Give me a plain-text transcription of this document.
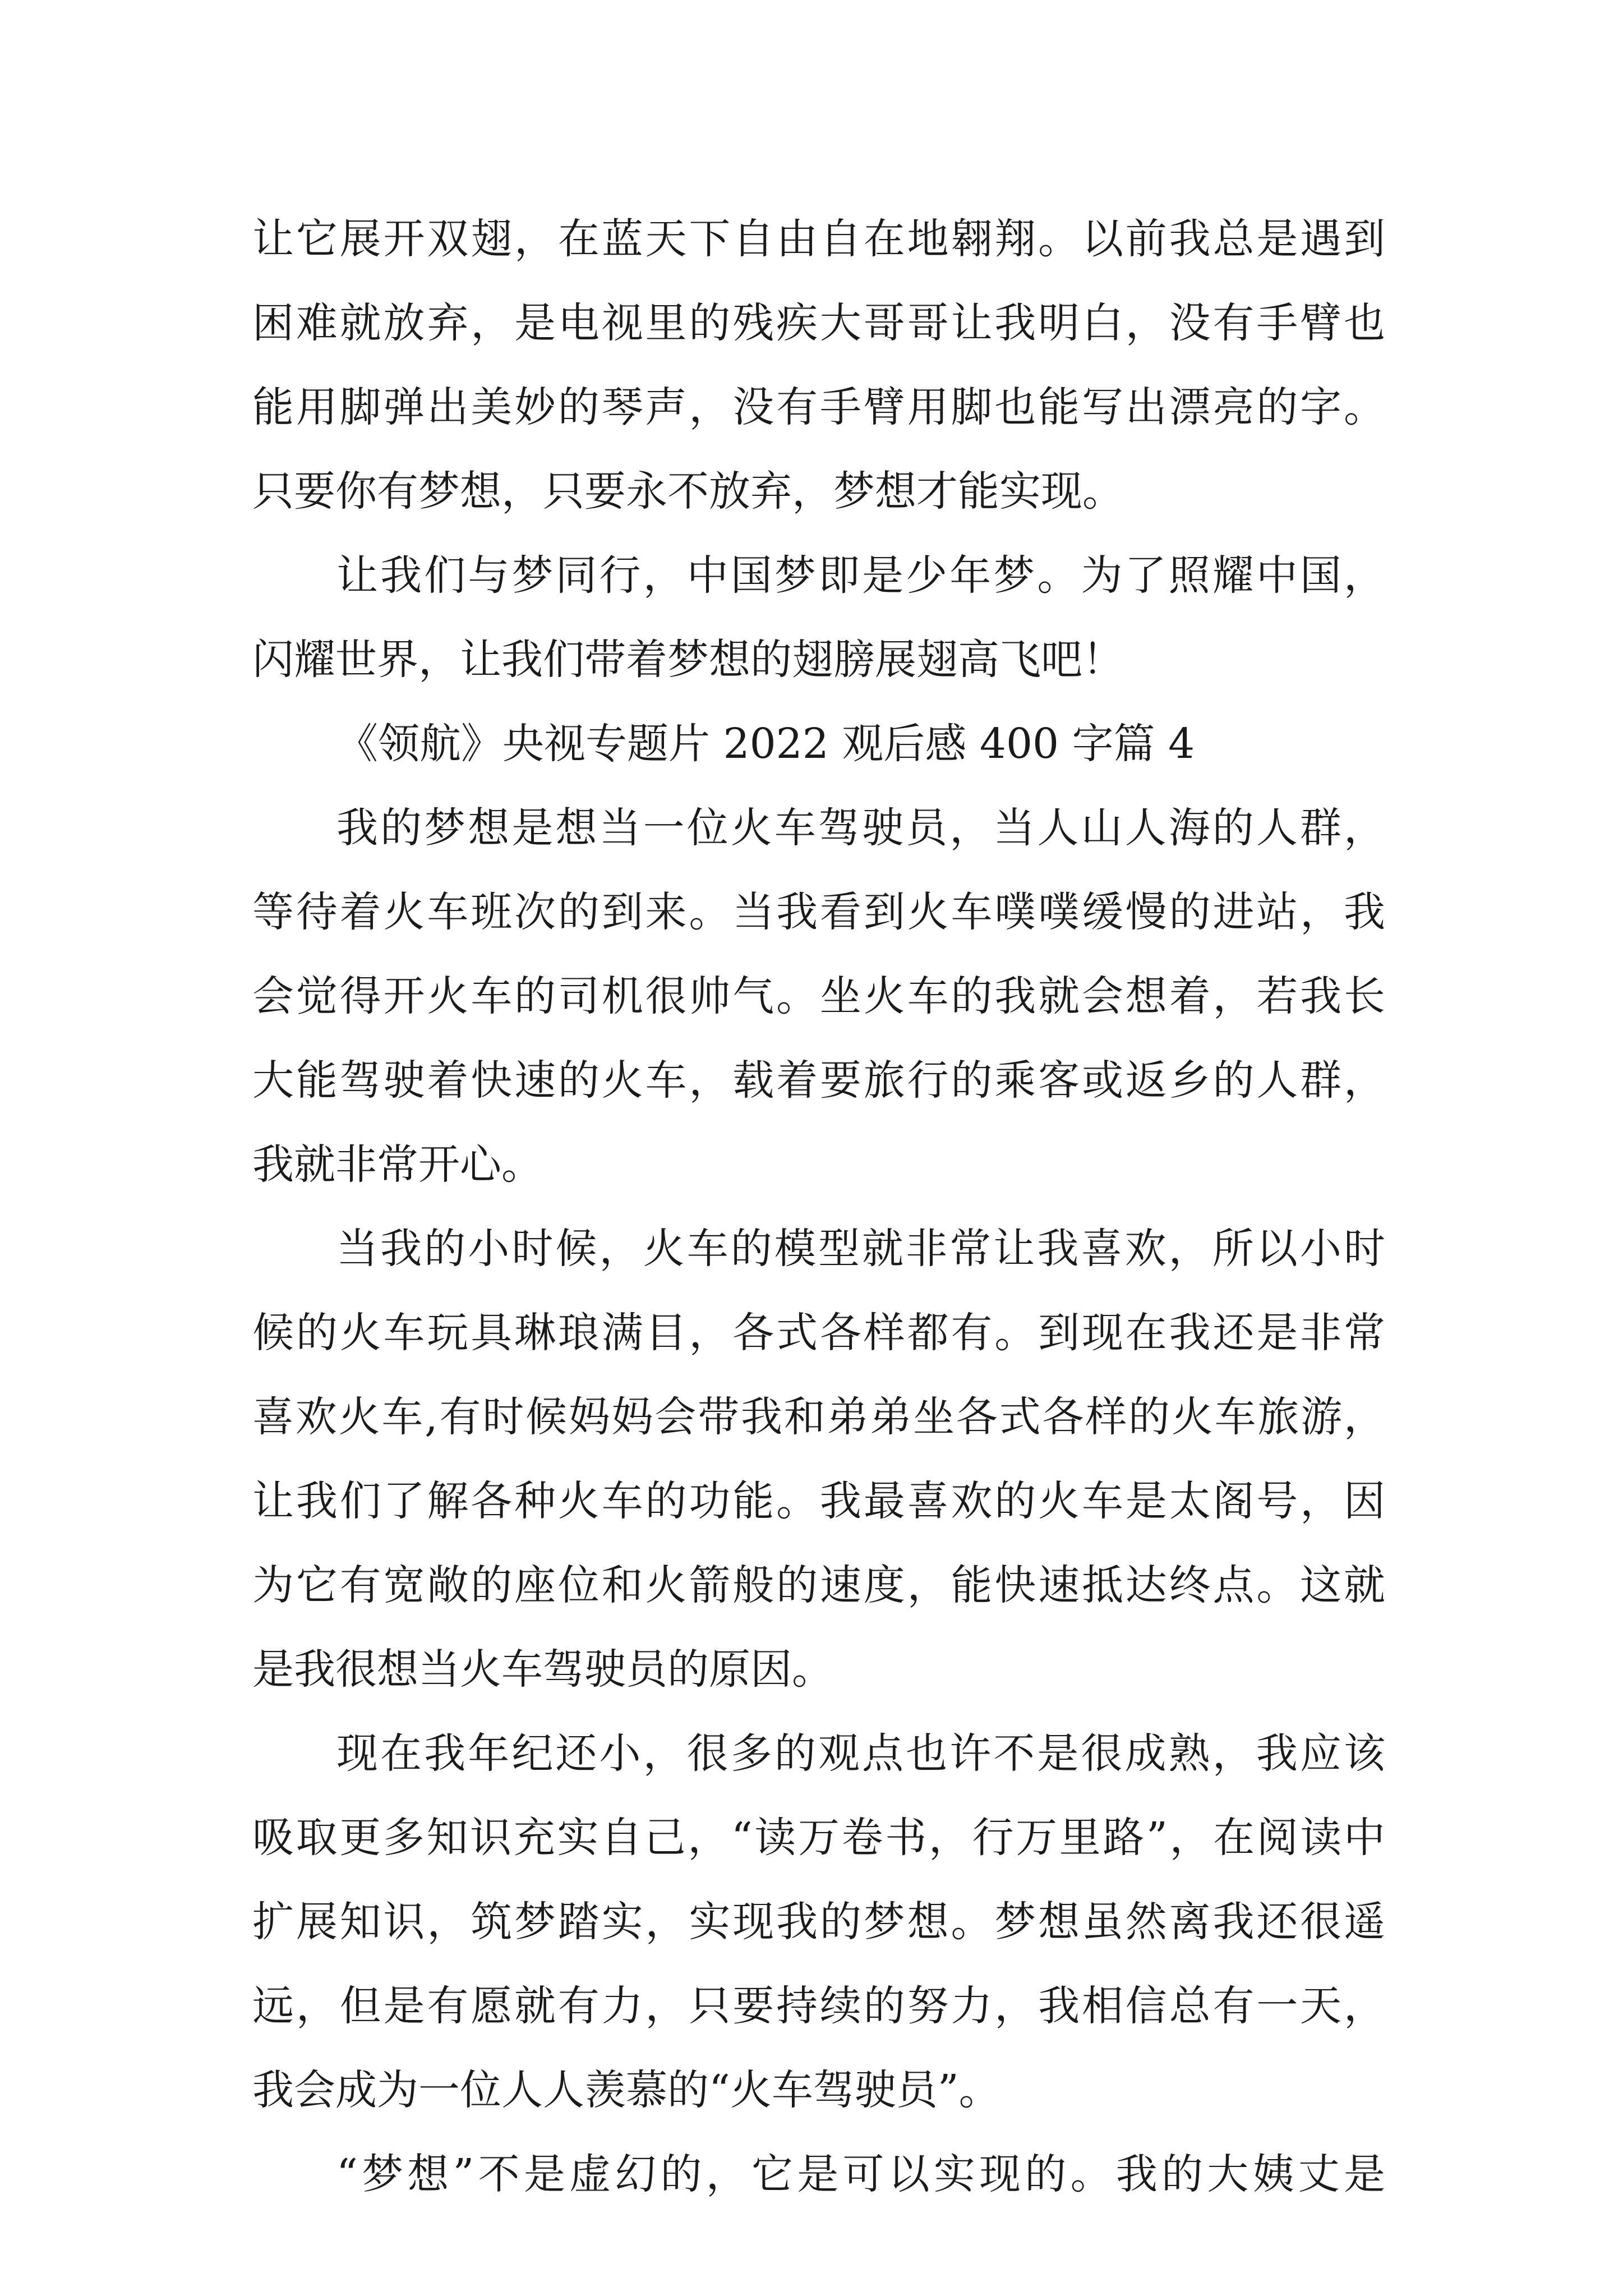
让它展开双翅，在蓝天下自由自在地翱翔。以前我总是遇到
困难就放弃，是电视里的残疾大哥哥让我明白，没有手臂也
能用脚弹出美妙的琴声，没有手臂用脚也能写出漂亮的字。
只要你有梦想，只要永不放弃，梦想才能实现。
让我们与梦同行，中国梦即是少年梦。为了照耀中国，
闪耀世界，让我们带着梦想的翅膀展翅高飞吧！
《领航》央视专题片 2022 观后感 400 字篇 4
我的梦想是想当一位火车驾驶员，当人山人海的人群，
等待着火车班次的到来。当我看到火车噗噗缓慢的进站，我
会觉得开火车的司机很帅气。坐火车的我就会想着，若我长
大能驾驶着快速的火车，载着要旅行的乘客或返乡的人群，
我就非常开心。
当我的小时候，火车的模型就非常让我喜欢，所以小时
候的火车玩具琳琅满目，各式各样都有。到现在我还是非常
喜欢火车,有时候妈妈会带我和弟弟坐各式各样的火车旅游，
让我们了解各种火车的功能。我最喜欢的火车是太阁号，因
为它有宽敞的座位和火箭般的速度，能快速抵达终点。这就
是我很想当火车驾驶员的原因。
现在我年纪还小，很多的观点也许不是很成熟，我应该
吸取更多知识充实自己，“读万卷书，行万里路”，在阅读中
扩展知识，筑梦踏实，实现我的梦想。梦想虽然离我还很遥
远，但是有愿就有力，只要持续的努力，我相信总有一天，
我会成为一位人人羡慕的“火车驾驶员”。
“梦想”不是虚幻的，它是可以实现的。我的大姨丈是
